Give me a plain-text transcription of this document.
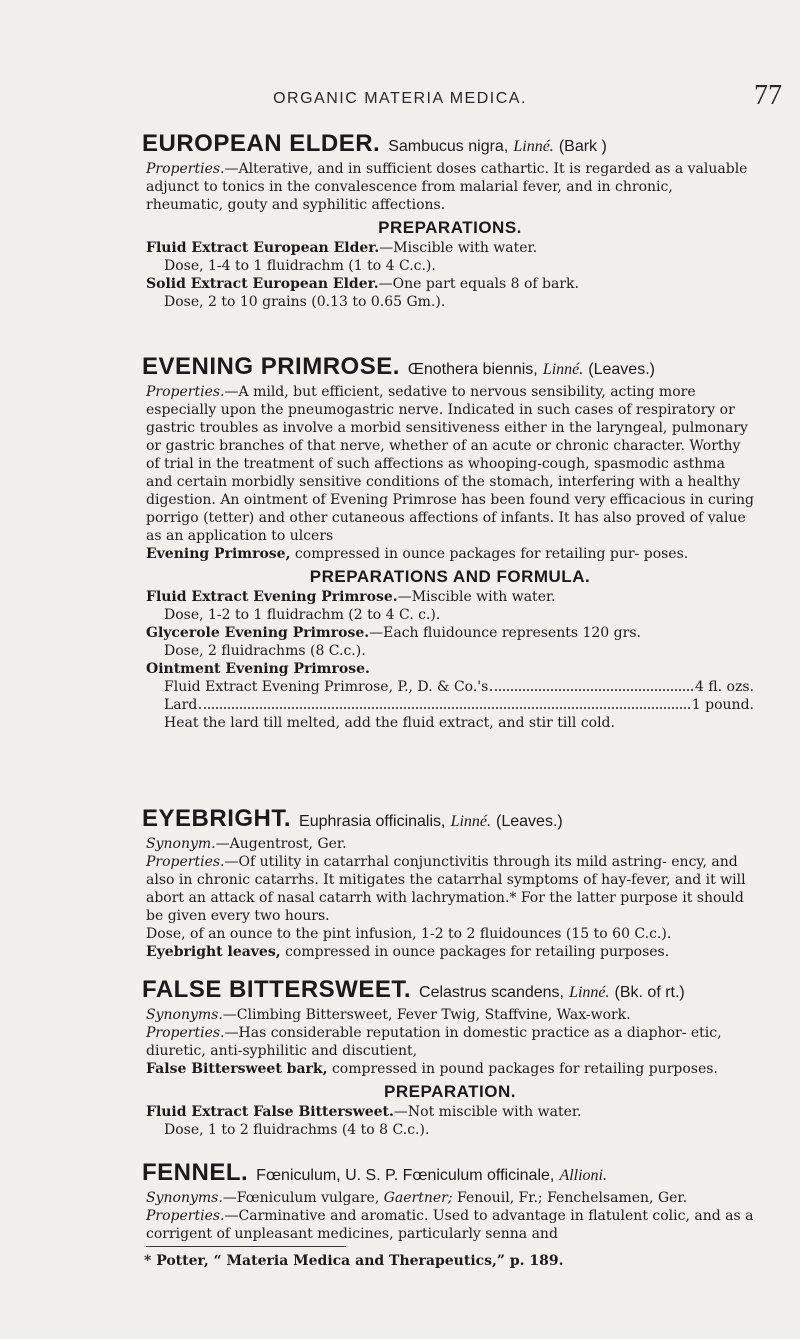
ORGANIC MATERIA MEDICA.	77
EUROPEAN ELDER. Sambucus nigra, Linné. (Bark )

Properties.—Alterative, and in sufficient doses cathartic. It is regarded as a valuable adjunct to tonics in the convalescence from malarial fever, and in chronic, rheumatic, gouty and syphilitic affections.

PREPARATIONS.

Fluid Extract European Elder.—Miscible with water.

Dose, 1-4 to 1 fluidrachm (1 to 4 C.c.).

Solid Extract European Elder.—One part equals 8 of bark.

Dose, 2 to 10 grains (0.13 to 0.65 Gm.).

EVENING PRIMROSE. Œnothera biennis, Linné. (Leaves.)

Properties.—A mild, but efficient, sedative to nervous sensibility, acting more especially upon the pneumogastric nerve. Indicated in such cases of respiratory or gastric troubles as involve a morbid sensitiveness either in the laryngeal, pulmonary or gastric branches of that nerve, whether of an acute or chronic character. Worthy of trial in the treatment of such affections as whooping-cough, spasmodic asthma and certain morbidly sensitive conditions of the stomach, interfering with a healthy digestion. An ointment of Evening Primrose has been found very efficacious in curing porrigo (tetter) and other cutaneous affections of infants. It has also proved of value as an application to ulcers

Evening Primrose, compressed in ounce packages for retailing pur- poses.

PREPARATIONS AND FORMULA.

Fluid Extract Evening Primrose.—Miscible with water.

Dose, 1-2 to 1 fluidrachm (2 to 4 C. c.).

Glycerole Evening Primrose.—Each fluidounce represents 120 grs.

Dose, 2 fluidrachms (8 C.c.).

Ointment Evening Primrose.

Fluid Extract Evening Primrose, P., D. & Co.'s	4 fl. ozs.
Lard	1 pound.

Heat the lard till melted, add the fluid extract, and stir till cold.

EYEBRIGHT. Euphrasia officinalis, Linné. (Leaves.)

Synonym.—Augentrost, Ger.

Properties.—Of utility in catarrhal conjunctivitis through its mild astring- ency, and also in chronic catarrhs. It mitigates the catarrhal symptoms of hay-fever, and it will abort an attack of nasal catarrh with lachrymation.* For the latter purpose it should be given every two hours.

Dose, of an ounce to the pint infusion, 1-2 to 2 fluidounces (15 to 60 C.c.).

Eyebright leaves, compressed in ounce packages for retailing purposes.

FALSE BITTERSWEET. Celastrus scandens, Linné. (Bk. of rt.)

Synonyms.—Climbing Bittersweet, Fever Twig, Staffvine, Wax-work.

Properties.—Has considerable reputation in domestic practice as a diaphor- etic, diuretic, anti-syphilitic and discutient,

False Bittersweet bark, compressed in pound packages for retailing purposes.

PREPARATION.

Fluid Extract False Bittersweet.—Not miscible with water.

Dose, 1 to 2 fluidrachms (4 to 8 C.c.).

FENNEL. Fœniculum, U. S. P. Fœniculum officinale, Allioni.

Synonyms.—Fœniculum vulgare, Gaertner; Fenouil, Fr.; Fenchelsamen, Ger.

Properties.—Carminative and aromatic. Used to advantage in flatulent colic, and as a corrigent of unpleasant medicines, particularly senna and

* Potter, “ Materia Medica and Therapeutics,” p. 189.
